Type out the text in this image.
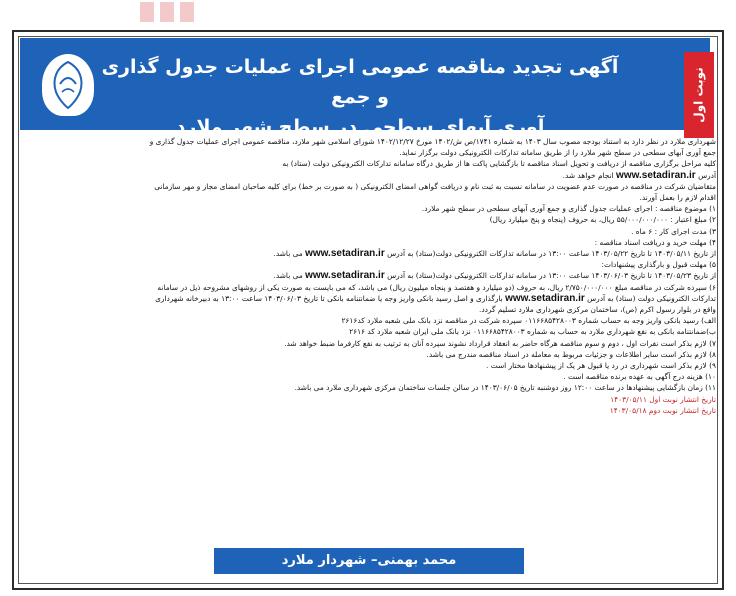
آگهی تجدید مناقصه عمومی اجرای عملیات جدول گذاری و جمع
آوری آبهای سطحی در سطح شهر ملارد
نوبت اول

شهرداری ملارد در نظر دارد به استناد بودجه مصوب سال ۱۴۰۳ به شماره ۱۷۴۱/ص ش/۱۴۰۲ مورخ ۱۴۰۲/۱۲/۲۷ شورای اسلامی شهر ملارد، مناقصه عمومی اجرای عملیات جدول گذاری و

جمع آوری آبهای سطحی در سطح شهر ملارد را از طریق سامانه تدارکات الکترونیکی دولت برگزار نماید.

کلیه مراحل برگزاری مناقصه از دریافت و تحویل اسناد مناقصه تا بازگشایی پاکت ها از طریق درگاه سامانه تدارکات الکترونیکی دولت (ستاد) به

آدرس www.setadiran.ir انجام خواهد شد.

متقاضیان شرکت در مناقصه در صورت عدم عضویت در سامانه نسبت به ثبت نام و دریافت گواهی امضای الکترونیکی ( به صورت بر خط) برای کلیه صاحبان امضای مجاز و مهر سازمانی

اقدام لازم را بعمل آورند.

۱) موضوع مناقصه : اجرای عملیات جدول گذاری و جمع آوری آبهای سطحی در سطح شهر ملارد.

۲) مبلغ اعتبار : ۵۵/۰۰۰/۰۰۰/۰۰۰ ریال، به حروف (پنجاه و پنج میلیارد ریال)

۳) مدت اجرای کار : ۶ ماه .

۴) مهلت خرید و دریافت اسناد مناقصه :

از تاریخ ۱۴۰۳/۰۵/۱۱ تا تاریخ ۱۴۰۳/۰۵/۲۲ ساعت ۱۳:۰۰ در سامانه تدارکات الکترونیکی دولت(ستاد) به آدرس www.setadiran.ir می باشد.

۵) مهلت قبول و بارگذاری پیشنهادات:

از تاریخ ۱۴۰۳/۰۵/۲۳ تا تاریخ ۱۴۰۳/۰۶/۰۳ ساعت ۱۳:۰۰ در سامانه تدارکات الکترونیکی دولت(ستاد) به آدرس www.setadiran.ir می باشد.

۶) سپرده شرکت در مناقصه مبلغ ۲/۷۵۰/۰۰۰/۰۰۰ ریال، به حروف (دو میلیارد و هفتصد و پنجاه میلیون ریال) می باشد، که می بایست به صورت یکی از روشهای مشروحه ذیل در سامانه

تدارکات الکترونیکی دولت (ستاد) به آدرس www.setadiran.ir بارگذاری و اصل رسید بانکی واریز وجه یا ضمانتنامه بانکی تا تاریخ ۱۴۰۳/۰۶/۰۳ ساعت ۱۳:۰۰ به دبیرخانه شهرداری

واقع در بلوار رسول اکرم (ص)، ساختمان مرکزی شهرداری ملارد تسلیم گردد.

الف) رسید بانکی واریز وجه به حساب شماره ۰۱۱۶۶۸۵۴۲۸۰۰۳ سپرده شرکت در مناقصه نزد بانک ملی شعبه ملارد کد۲۶۱۶

ب)ضمانتنامه بانکی به نفع شهرداری ملارد به حساب به شماره ۰۱۱۶۶۸۵۴۲۸۰۰۳ نزد بانک ملی ایران شعبه ملارد کد ۲۶۱۶

۷) لازم بذکر است نفرات اول ، دوم و سوم مناقصه هرگاه حاضر به انعقاد قرارداد نشوند سپرده آنان به ترتیب به نفع کارفرما ضبط خواهد شد.

۸) لازم بذکر است سایر اطلاعات و جزئیات مربوط به معامله در اسناد مناقصه مندرج می باشد.

۹) لازم بذکر است شهرداری در رد یا قبول هر یک از پیشنهادها مختار است .

۱۰) هزینه درج آگهی به عهده برنده مناقصه است .

۱۱) زمان بازگشایی پیشنهادها در ساعت ۱۲:۰۰ روز دوشنبه تاریخ ۱۴۰۳/۰۶/۰۵ در سالن جلسات ساختمان مرکزی شهرداری ملارد می باشد.

تاریخ انتشار نوبت اول ۱۴۰۳/۰۵/۱۱

تاریخ انتشار نوبت دوم ۱۴۰۳/۰۵/۱۸

محمد بهمنی– شهردار ملارد
